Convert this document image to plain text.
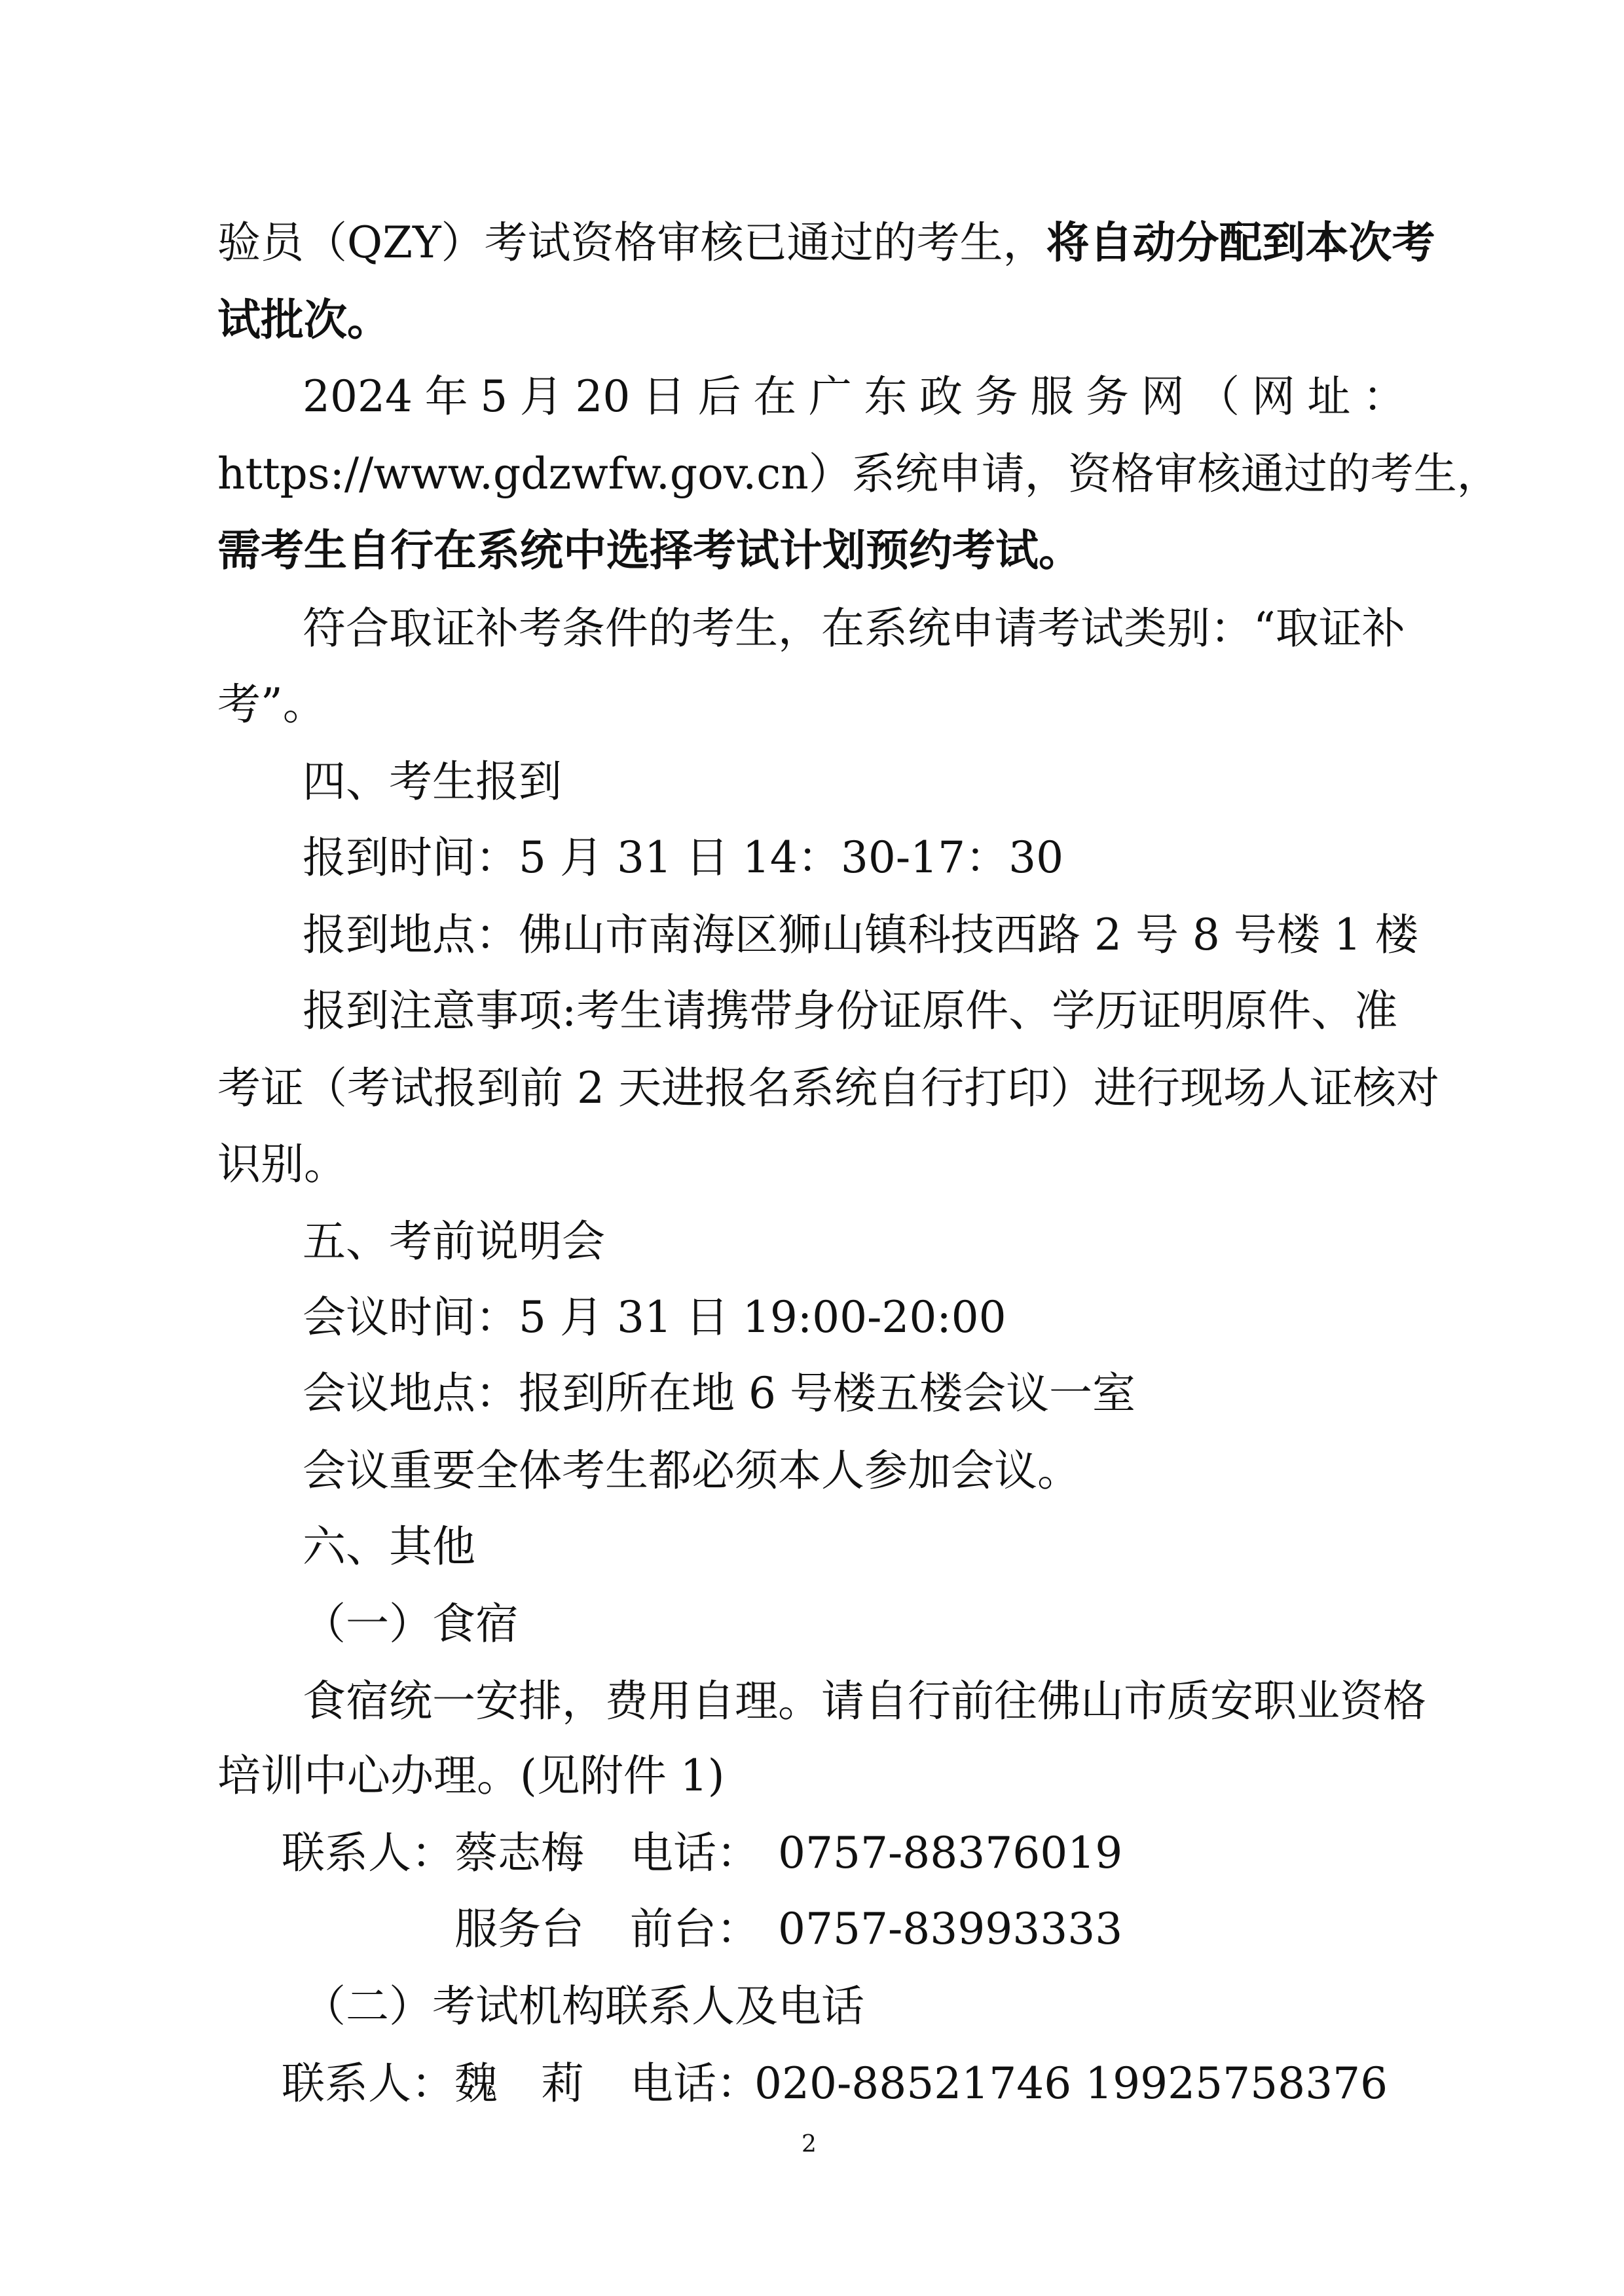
验员（QZY）考试资格审核已通过的考生，将自动分配到本次考

试批次。

2024 年 5 月 20 日 后 在 广 东 政 务 服 务 网 （ 网 址 ：

https://www.gdzwfw.gov.cn）系统申请，资格审核通过的考生，

需考生自行在系统中选择考试计划预约考试。

符合取证补考条件的考生，在系统申请考试类别：“取证补

考”。

四、考生报到

报到时间：5 月 31 日 14：30-17：30

报到地点：佛山市南海区狮山镇科技西路 2 号 8 号楼 1 楼

报到注意事项:考生请携带身份证原件、学历证明原件、准

考证（考试报到前 2 天进报名系统自行打印）进行现场人证核对

识别。

五、考前说明会

会议时间：5 月 31 日 19:00-20:00

会议地点：报到所在地 6 号楼五楼会议一室

会议重要全体考生都必须本人参加会议。

六、其他

（一）食宿

食宿统一安排，费用自理。请自行前往佛山市质安职业资格

培训中心办理。(见附件 1)

联系人：蔡志梅 电话： 0757-88376019
服务台 前台： 0757-83993333

（二）考试机构联系人及电话

联系人：魏　莉 电话：
020-88521746 19925758376
2
